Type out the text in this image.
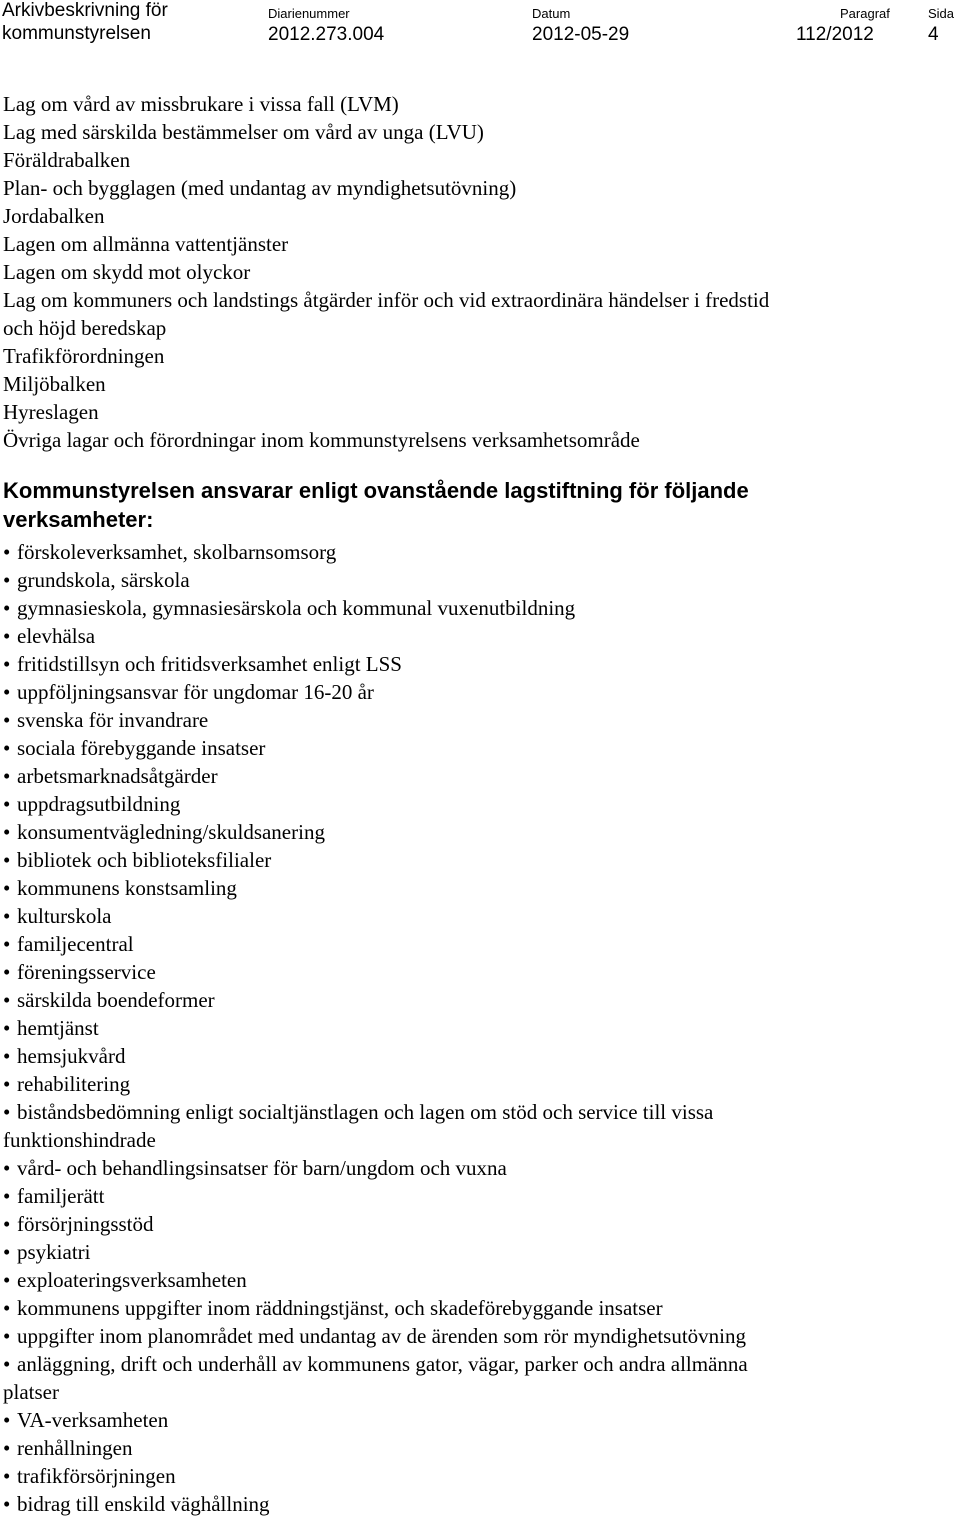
Arkivbeskrivning för
kommunstyrelsen
Diarienummer
2012.273.004
Datum
2012-05-29
Paragraf
112/2012
Sida
4
Lag om vård av missbrukare i vissa fall (LVM)
Lag med särskilda bestämmelser om vård av unga (LVU)
Föräldrabalken
Plan- och bygglagen (med undantag av myndighetsutövning)
Jordabalken
Lagen om allmänna vattentjänster
Lagen om skydd mot olyckor
Lag om kommuners och landstings åtgärder inför och vid extraordinära händelser i fredstid
och höjd beredskap
Trafikförordningen
Miljöbalken
Hyreslagen
Övriga lagar och förordningar inom kommunstyrelsens verksamhetsområde
Kommunstyrelsen ansvarar enligt ovanstående lagstiftning för följande
verksamheter:
• förskoleverksamhet, skolbarnsomsorg
• grundskola, särskola
• gymnasieskola, gymnasiesärskola och kommunal vuxenutbildning
• elevhälsa
• fritidstillsyn och fritidsverksamhet enligt LSS
• uppföljningsansvar för ungdomar 16-20 år
• svenska för invandrare
• sociala förebyggande insatser
• arbetsmarknadsåtgärder
• uppdragsutbildning
• konsumentvägledning/skuldsanering
• bibliotek och biblioteksfilialer
• kommunens konstsamling
• kulturskola
• familjecentral
• föreningsservice
• särskilda boendeformer
• hemtjänst
• hemsjukvård
• rehabilitering
• biståndsbedömning enligt socialtjänstlagen och lagen om stöd och service till vissa
funktionshindrade
• vård- och behandlingsinsatser för barn/ungdom och vuxna
• familjerätt
• försörjningsstöd
• psykiatri
• exploateringsverksamheten
• kommunens uppgifter inom räddningstjänst, och skadeförebyggande insatser
• uppgifter inom planområdet med undantag av de ärenden som rör myndighetsutövning
• anläggning, drift och underhåll av kommunens gator, vägar, parker och andra allmänna
platser
• VA-verksamheten
• renhållningen
• trafikförsörjningen
• bidrag till enskild väghållning
